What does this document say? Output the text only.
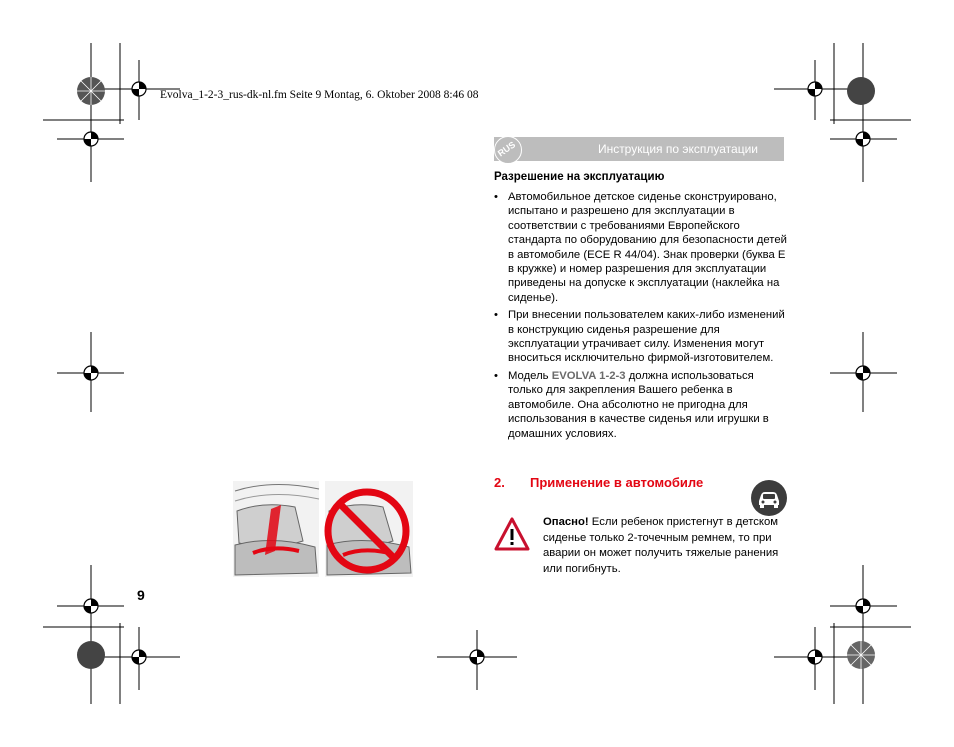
Evolva_1-2-3_rus-dk-nl.fm Seite 9 Montag, 6. Oktober 2008 8:46 08
Инструкция по эксплуатации
RUS
Разрешение на эксплуатацию
• Автомобильное детское сиденье сконструировано, испытано и разрешено для эксплуатации в соответствии с требованиями Европейского стандарта по оборудованию для безопасности детей в автомобиле (ECE R 44/04). Знак проверки (буква E в кружке) и номер разрешения для эксплуатации приведены на допуске к эксплуатации (наклейка на сиденье).
• При внесении пользователем каких-либо изменений в конструкцию сиденья разрешение для эксплуатации утрачивает силу. Изменения могут вноситься исключительно фирмой-изготовителем.
• Модель EVOLVA 1-2-3 должна использоваться только для закрепления Вашего ребенка в автомобиле. Она абсолютно не пригодна для использования в качестве сиденья или игрушки в домашних условиях.
2. Применение в автомобиле
Опасно! Если ребенок пристегнут в детском сиденье только 2-точечным ремнем, то при аварии он может получить тяжелые ранения или погибнуть.
9
